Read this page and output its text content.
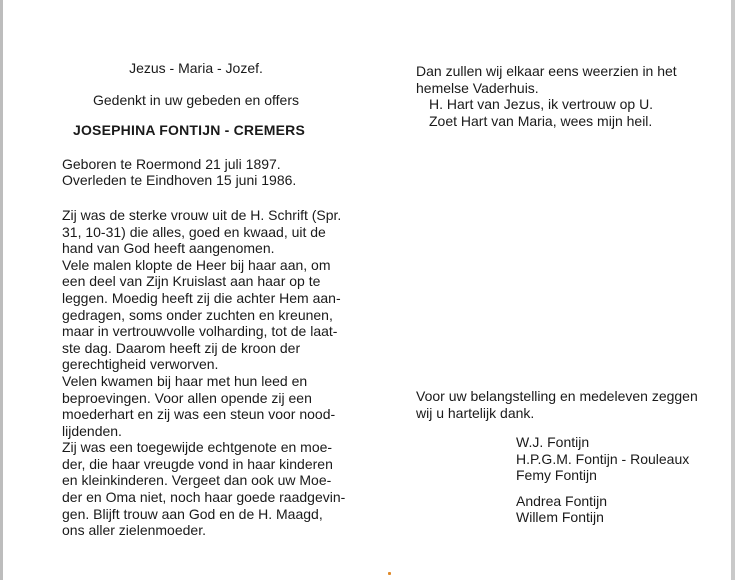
Jezus - Maria - Jozef.
Gedenkt in uw gebeden en offers
JOSEPHINA FONTIJN - CREMERS
Geboren te Roermond 21 juli 1897.
Overleden te Eindhoven 15 juni 1986.

Zij was de sterke vrouw uit de H. Schrift (Spr.
31, 10-31) die alles, goed en kwaad, uit de
hand van God heeft aangenomen.

Vele malen klopte de Heer bij haar aan, om
een deel van Zijn Kruislast aan haar op te
leggen. Moedig heeft zij die achter Hem aan-
gedragen, soms onder zuchten en kreunen,
maar in vertrouwvolle volharding, tot de laat-
ste dag. Daarom heeft zij de kroon der
gerechtigheid verworven.

Velen kwamen bij haar met hun leed en
beproevingen. Voor allen opende zij een
moederhart en zij was een steun voor nood-
lijdenden.

Zij was een toegewijde echtgenote en moe-
der, die haar vreugde vond in haar kinderen
en kleinkinderen. Vergeet dan ook uw Moe-
der en Oma niet, noch haar goede raadgevin-
gen. Blijft trouw aan God en de H. Maagd,
ons aller zielenmoeder.

Dan zullen wij elkaar eens weerzien in het
hemelse Vaderhuis.
H. Hart van Jezus, ik vertrouw op U.
Zoet Hart van Maria, wees mijn heil.
Voor uw belangstelling en medeleven zeggen
wij u hartelijk dank.
W.J. Fontijn
H.P.G.M. Fontijn - Rouleaux
Femy Fontijn
Andrea Fontijn
Willem Fontijn
